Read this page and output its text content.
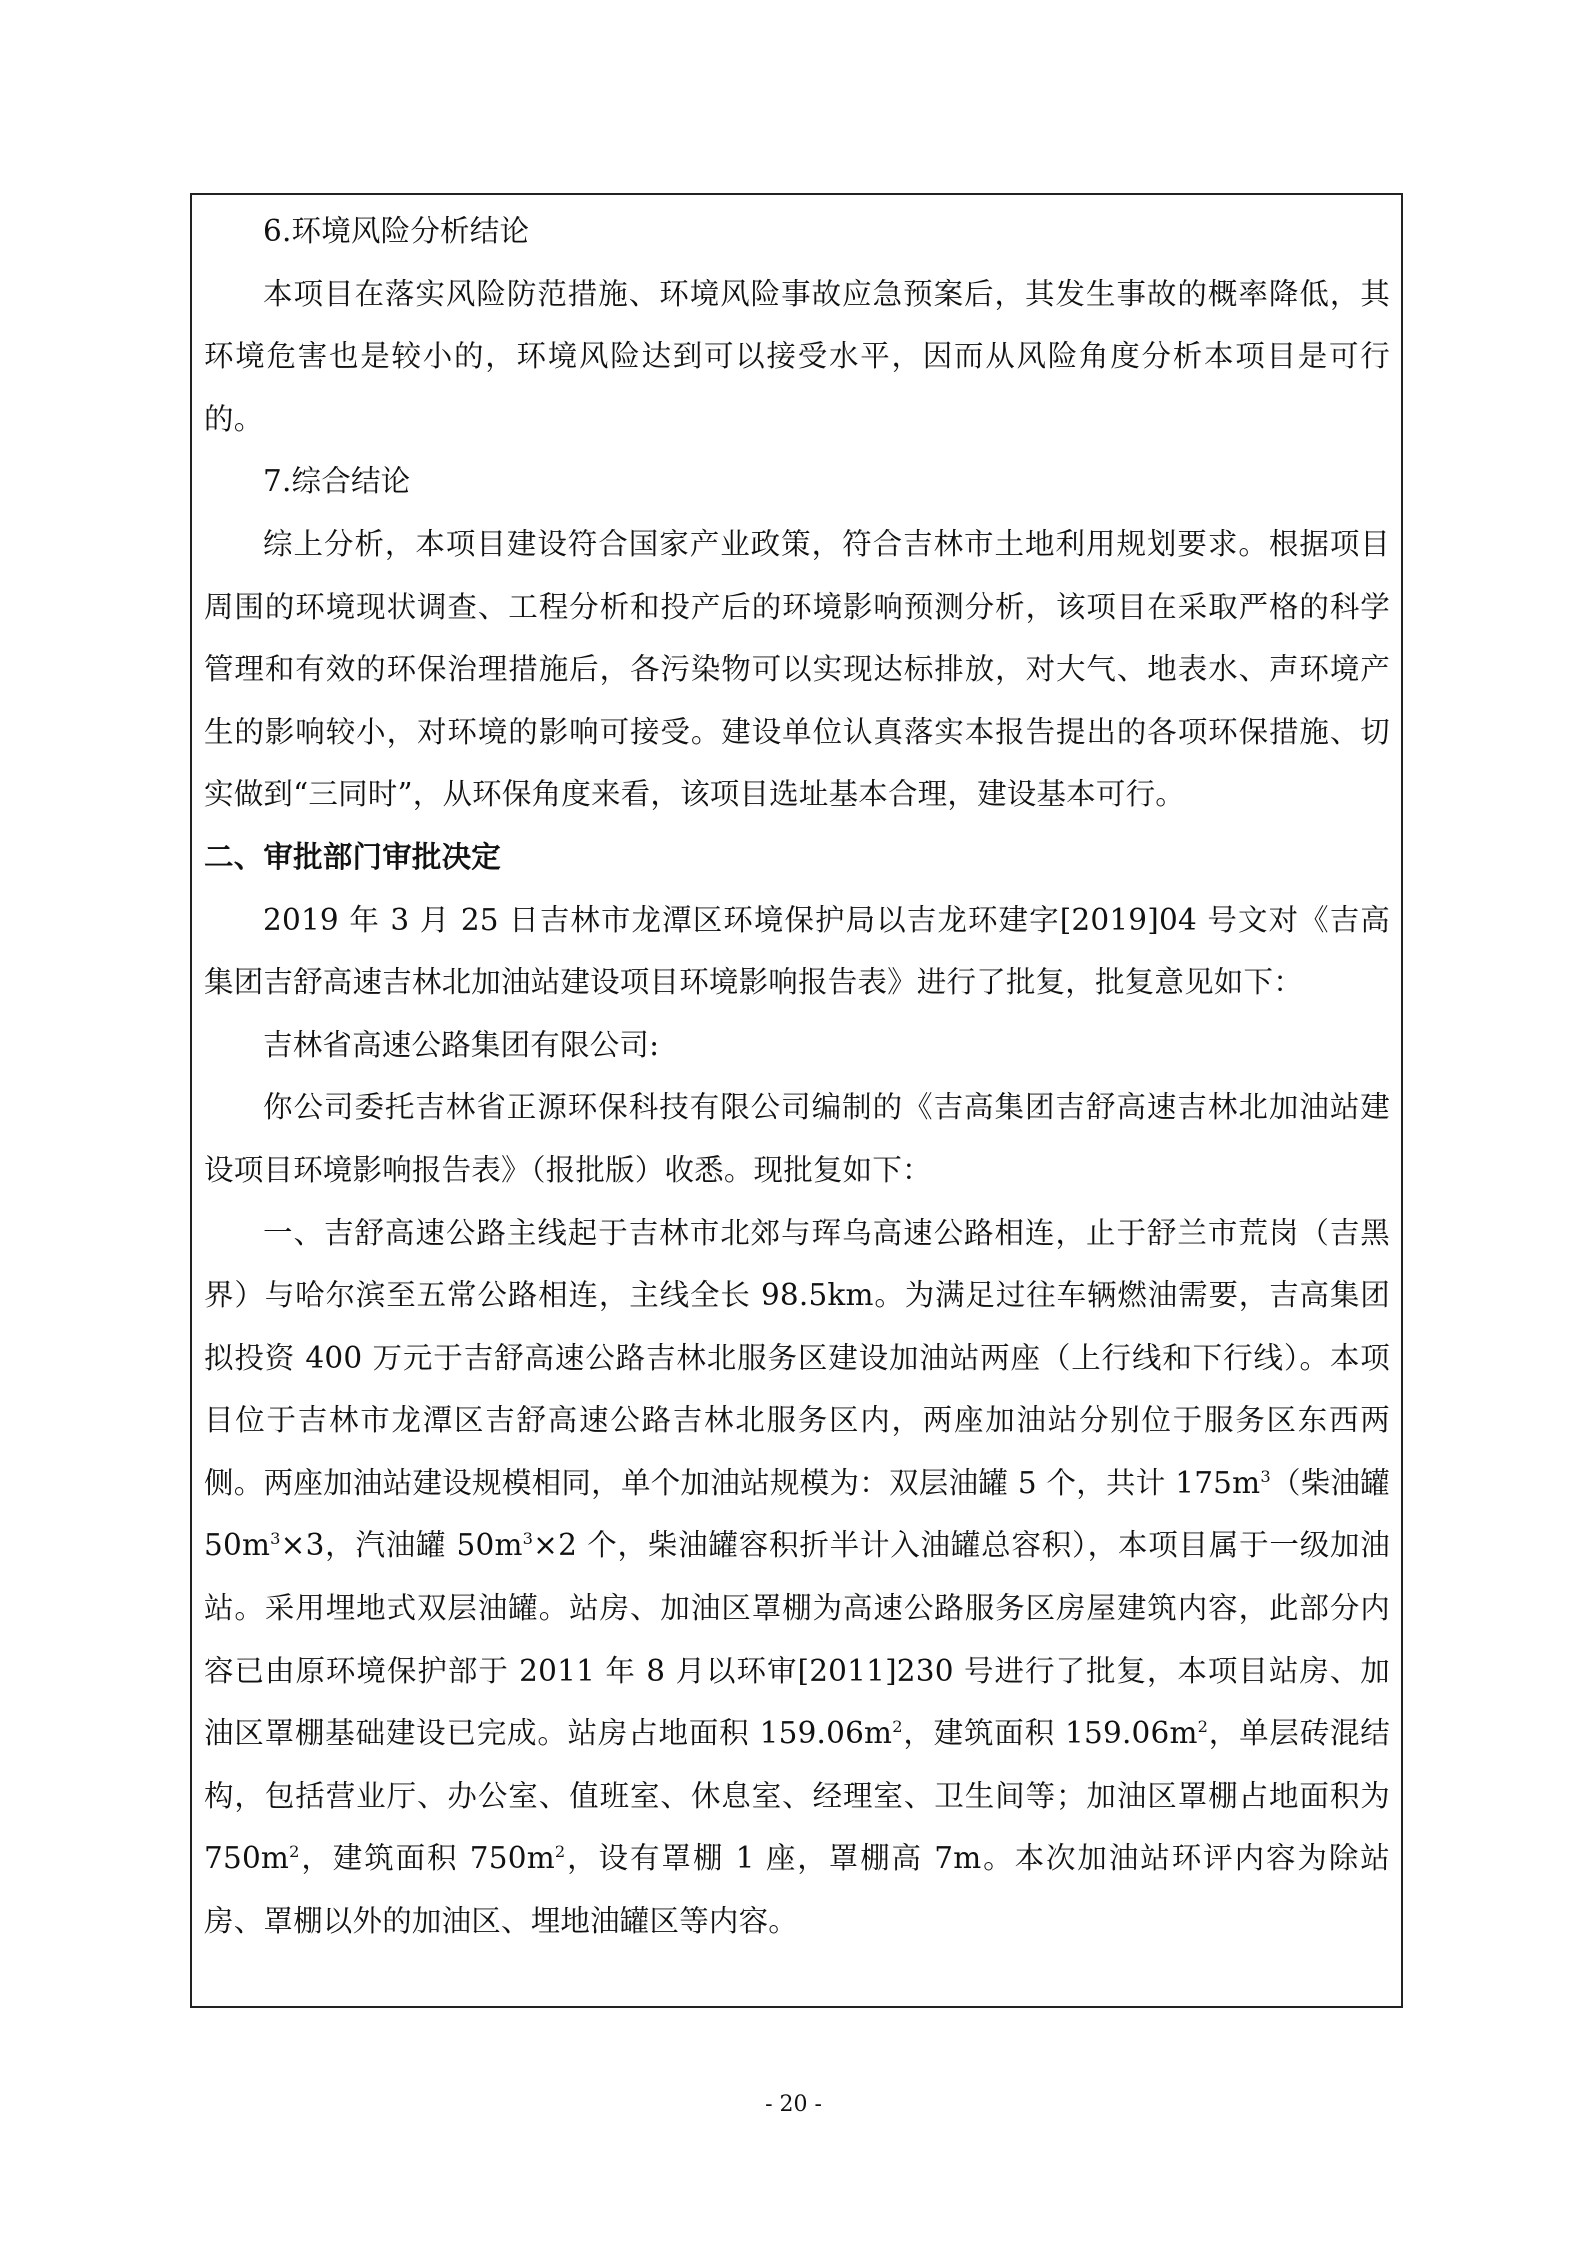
6.环境风险分析结论

本项目在落实风险防范措施、环境风险事故应急预案后，其发生事故的概率降低，其环境危害也是较小的，环境风险达到可以接受水平，因而从风险角度分析本项目是可行的。

7.综合结论

综上分析，本项目建设符合国家产业政策，符合吉林市土地利用规划要求。根据项目周围的环境现状调查、工程分析和投产后的环境影响预测分析，该项目在采取严格的科学管理和有效的环保治理措施后，各污染物可以实现达标排放，对大气、地表水、声环境产生的影响较小，对环境的影响可接受。建设单位认真落实本报告提出的各项环保措施、切实做到“三同时”，从环保角度来看，该项目选址基本合理，建设基本可行。

二、审批部门审批决定

2019 年 3 月 25 日吉林市龙潭区环境保护局以吉龙环建字[2019]04 号文对《吉高集团吉舒高速吉林北加油站建设项目环境影响报告表》进行了批复，批复意见如下：

吉林省高速公路集团有限公司:

你公司委托吉林省正源环保科技有限公司编制的《吉高集团吉舒高速吉林北加油站建设项目环境影响报告表》（报批版）收悉。现批复如下：

一、吉舒高速公路主线起于吉林市北郊与珲乌高速公路相连，止于舒兰市荒岗（吉黑界）与哈尔滨至五常公路相连，主线全长 98.5km。为满足过往车辆燃油需要，吉高集团拟投资 400 万元于吉舒高速公路吉林北服务区建设加油站两座（上行线和下行线）。本项目位于吉林市龙潭区吉舒高速公路吉林北服务区内，两座加油站分别位于服务区东西两侧。两座加油站建设规模相同，单个加油站规模为：双层油罐 5 个，共计 $175m^3$（柴油罐 $50m^3\times 3$，汽油罐 $50m^3\times 2$ 个，柴油罐容积折半计入油罐总容积），本项目属于一级加油站。采用埋地式双层油罐。站房、加油区罩棚为高速公路服务区房屋建筑内容，此部分内容已由原环境保护部于 2011 年 8 月以环审[2011]230 号进行了批复，本项目站房、加油区罩棚基础建设已完成。站房占地面积 $159.06m^2$，建筑面积 $159.06m^2$，单层砖混结构，包括营业厅、办公室、值班室、休息室、经理室、卫生间等；加油区罩棚占地面积为 $750m^2$，建筑面积 $750m^2$，设有罩棚 1 座，罩棚高 7m。本次加油站环评内容为除站房、罩棚以外的加油区、埋地油罐区等内容。

- 20 -
